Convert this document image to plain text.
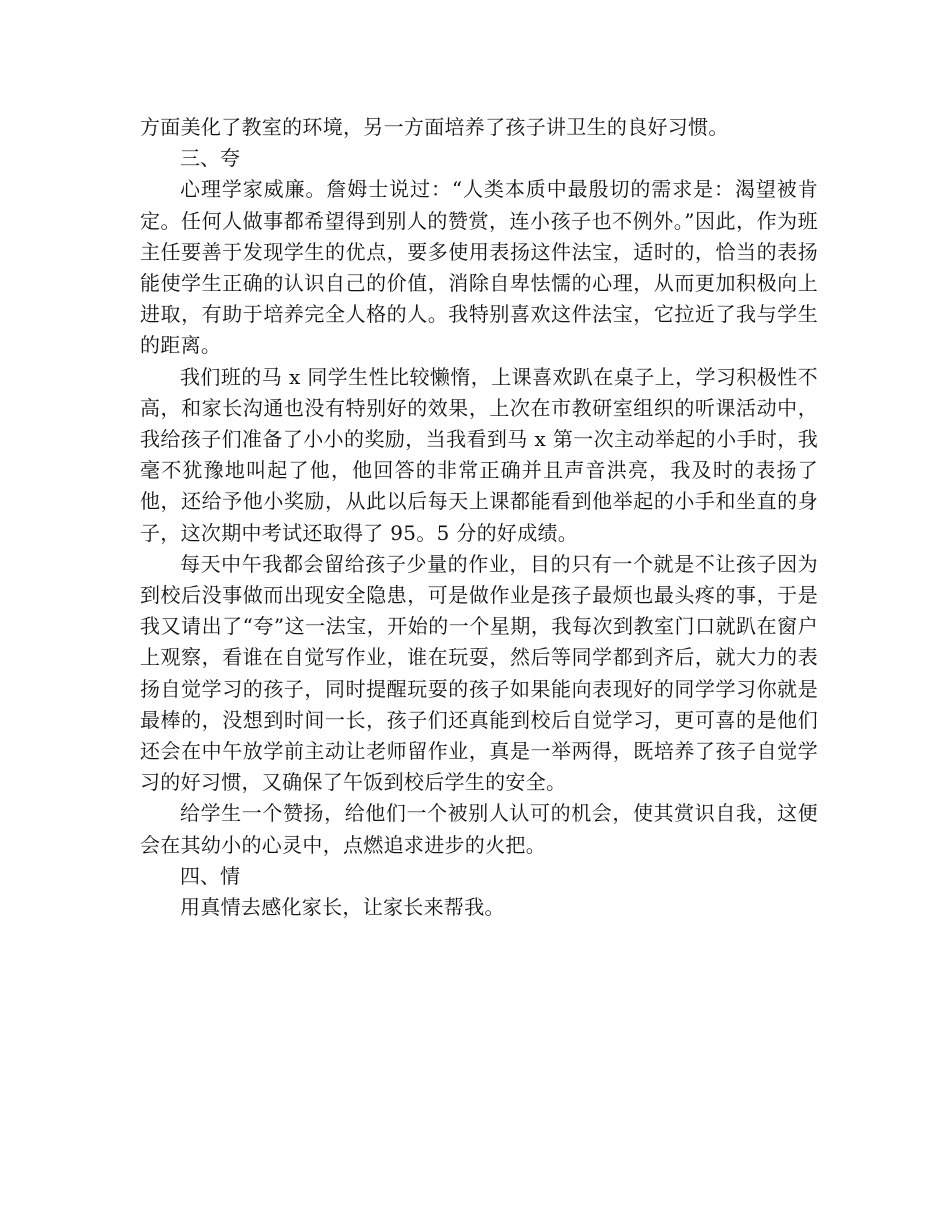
方面美化了教室的环境，另一方面培养了孩子讲卫生的良好习惯。

三、夸

心理学家威廉。詹姆士说过：“人类本质中最殷切的需求是：渴望被肯定。任何人做事都希望得到别人的赞赏，连小孩子也不例外。”因此，作为班主任要善于发现学生的优点，要多使用表扬这件法宝，适时的，恰当的表扬能使学生正确的认识自己的价值，消除自卑怯懦的心理，从而更加积极向上进取，有助于培养完全人格的人。我特别喜欢这件法宝，它拉近了我与学生的距离。

我们班的马 x 同学生性比较懒惰，上课喜欢趴在桌子上，学习积极性不高，和家长沟通也没有特别好的效果，上次在市教研室组织的听课活动中，我给孩子们准备了小小的奖励，当我看到马 x 第一次主动举起的小手时，我毫不犹豫地叫起了他，他回答的非常正确并且声音洪亮，我及时的表扬了他，还给予他小奖励，从此以后每天上课都能看到他举起的小手和坐直的身子，这次期中考试还取得了 95。5 分的好成绩。

每天中午我都会留给孩子少量的作业，目的只有一个就是不让孩子因为到校后没事做而出现安全隐患，可是做作业是孩子最烦也最头疼的事，于是我又请出了“夸”这一法宝，开始的一个星期，我每次到教室门口就趴在窗户上观察，看谁在自觉写作业，谁在玩耍，然后等同学都到齐后，就大力的表扬自觉学习的孩子，同时提醒玩耍的孩子如果能向表现好的同学学习你就是最棒的，没想到时间一长，孩子们还真能到校后自觉学习，更可喜的是他们还会在中午放学前主动让老师留作业，真是一举两得，既培养了孩子自觉学习的好习惯，又确保了午饭到校后学生的安全。

给学生一个赞扬，给他们一个被别人认可的机会，使其赏识自我，这便会在其幼小的心灵中，点燃追求进步的火把。

四、情

用真情去感化家长，让家长来帮我。
